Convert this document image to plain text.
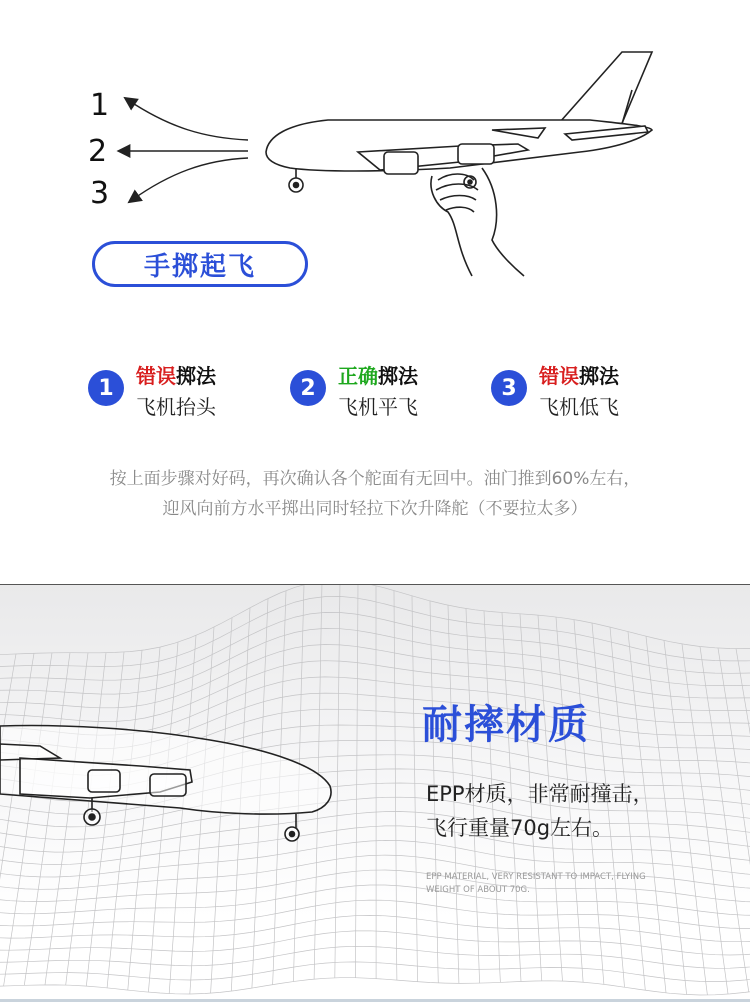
1
2
3
手掷起飞
1	错误掷法
飞机抬头
2	正确掷法
飞机平飞
3	错误掷法
飞机低飞
按上面步骤对好码，再次确认各个舵面有无回中。油门推到60%左右，
迎风向前方水平掷出同时轻拉下次升降舵（不要拉太多）
耐摔材质
EPP材质，非常耐撞击，
飞行重量70g左右。
EPP MATERIAL, VERY RESISTANT TO IMPACT, FLYING
WEIGHT OF ABOUT 70G.
